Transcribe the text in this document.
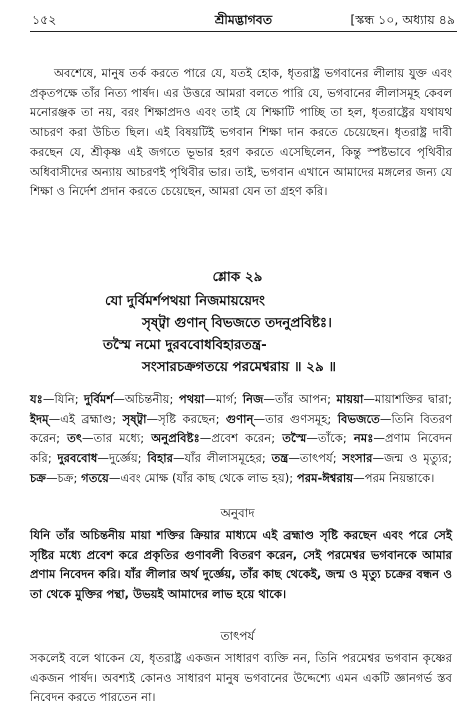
১৫২	শ্রীমদ্ভাগবত	[স্কন্ধ ১০, অধ্যায় ৪৯

অবশেষে, মানুষ তর্ক করতে পারে যে, যতই হোক, ধৃতরাষ্ট্র ভগবানের লীলায় যুক্ত এবং প্রকৃতপক্ষে তাঁর নিত্য পার্ষদ। এর উত্তরে আমরা বলতে পারি যে, ভগবানের লীলাসমূহ কেবল মনোরঞ্জক তা নয়, বরং শিক্ষাপ্রদও এবং তাই যে শিক্ষাটি পাচ্ছি তা হল, ধৃতরাষ্ট্রের যথাযথ আচরণ করা উচিত ছিল। এই বিষয়টিই ভগবান শিক্ষা দান করতে চেয়েছেন। ধৃতরাষ্ট্র দাবী করছেন যে, শ্রীকৃষ্ণ এই জগতে ভূভার হরণ করতে এসেছিলেন, কিন্তু স্পষ্টভাবে পৃথিবীর অধিবাসীদের অন্যায় আচরণই পৃথিবীর ভার। তাই, ভগবান এখানে আমাদের মঙ্গলের জন্য যে শিক্ষা ও নির্দেশ প্রদান করতে চেয়েছেন, আমরা যেন তা গ্রহণ করি।

শ্লোক ২৯
যো দুর্বিমর্শপথয়া নিজমায়য়েদং
সৃষ্ট্বা গুণান্ বিভজতে তদনুপ্রবিষ্টঃ।
তস্মৈ নমো দুরববোধবিহারতন্ত্র-
সংসারচক্রগতয়ে পরমেশ্বরায় ॥ ২৯ ॥

যঃ—যিনি; দুর্বিমর্শ—অচিন্তনীয়; পথয়া—মার্গ; নিজ—তাঁর আপন; মায়য়া—মায়াশক্তির দ্বারা; ইদম্—এই ব্রহ্মাণ্ড; সৃষ্ট্বা—সৃষ্টি করছেন; গুণান্—তার গুণসমূহ; বিভজতে—তিনি বিতরণ করেন; তৎ—তার মধ্যে; অনুপ্রবিষ্টঃ—প্রবেশ করেন; তস্মৈ—তাঁকে; নমঃ—প্রণাম নিবেদন করি; দুরববোধ—দুর্জ্ঞেয়; বিহার—যাঁর লীলাসমূহের; তন্ত্র—তাৎপর্য; সংসার—জন্ম ও মৃত্যুর; চক্র—চক্র; গতয়ে—এবং মোক্ষ (যাঁর কাছ থেকে লাভ হয়); পরম-ঈশ্বরায়—পরম নিয়ন্তাকে।

অনুবাদ

যিনি তাঁর অচিন্তনীয় মায়া শক্তির ক্রিয়ার মাধ্যমে এই ব্রহ্মাণ্ড সৃষ্টি করছেন এবং পরে সেই সৃষ্টির মধ্যে প্রবেশ করে প্রকৃতির গুণাবলী বিতরণ করেন, সেই পরমেশ্বর ভগবানকে আমার প্রণাম নিবেদন করি। যাঁর লীলার অর্থ দুর্জ্ঞেয়, তাঁর কাছ থেকেই, জন্ম ও মৃত্যু চক্রের বন্ধন ও তা থেকে মুক্তির পন্থা, উভয়ই আমাদের লাভ হয়ে থাকে।

তাৎপর্য

সকলেই বলে থাকেন যে, ধৃতরাষ্ট্র একজন সাধারণ ব্যক্তি নন, তিনি পরমেশ্বর ভগবান কৃষ্ণের একজন পার্ষদ। অবশ্যই কোনও সাধারণ মানুষ ভগবানের উদ্দেশ্যে এমন একটি জ্ঞানগর্ভ স্তব নিবেদন করতে পারতেন না।
